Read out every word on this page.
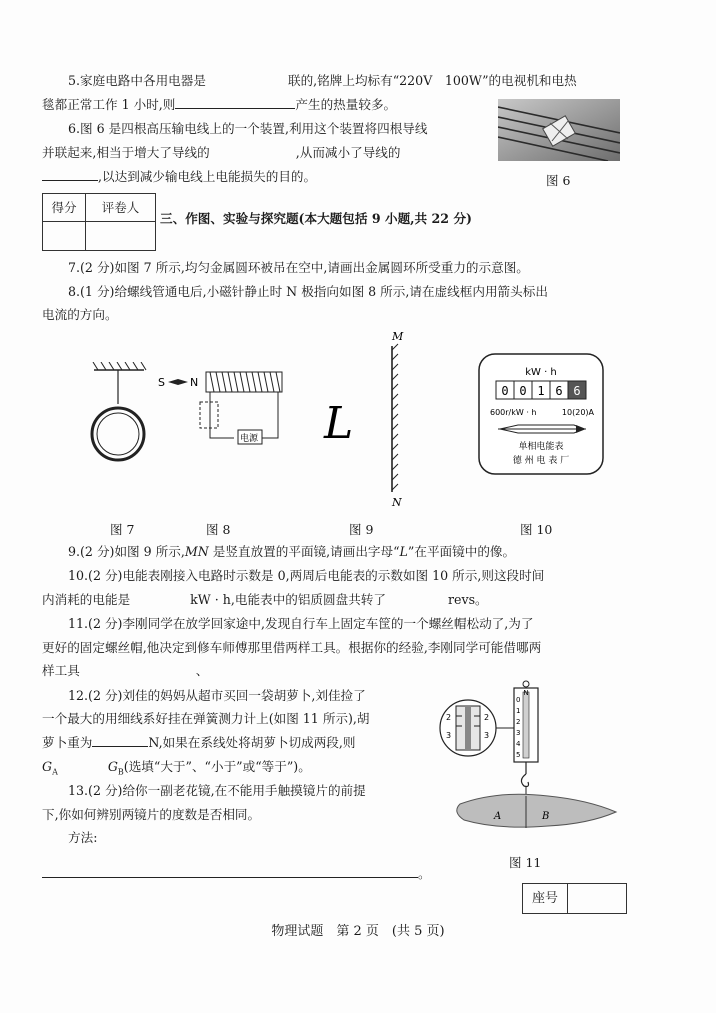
5.家庭电路中各用电器是	联的,铭牌上均标有“220V　100W”的电视机和电热
毯都正常工作 1 小时,则	产生的热量较多。
6.图 6 是四根高压输电线上的一个装置,利用这个装置将四根导线
并联起来,相当于增大了导线的	,从而减小了导线的
,以达到减少输电线上电能损失的目的。	图 6
得分	评卷人
三、作图、实验与探究题(本大题包括 9 小题,共 22 分)
7.(2 分)如图 7 所示,均匀金属圆环被吊在空中,请画出金属圆环所受重力的示意图。
8.(1 分)给螺线管通电后,小磁针静止时 N 极指向如图 8 所示,请在虚线框内用箭头标出
电流的方向。
S N
电源
M
N
L
kW · h
0 0 1 6 6
600r/kW · h	10(20)A
单相电能表
德 州 电 表 厂
图 7	图 8	图 9	图 10
9.(2 分)如图 9 所示,MN 是竖直放置的平面镜,请画出字母“L”在平面镜中的像。
10.(2 分)电能表刚接入电路时示数是 0,两周后电能表的示数如图 10 所示,则这段时间
内消耗的电能是	kW · h,电能表中的铝质圆盘共转了	revs。
11.(2 分)李刚同学在放学回家途中,发现自行车上固定车筐的一个螺丝帽松动了,为了
更好的固定螺丝帽,他决定到修车师傅那里借两样工具。根据你的经验,李刚同学可能借哪两
样工具	、
12.(2 分)刘佳的妈妈从超市买回一袋胡萝卜,刘佳捡了
一个最大的用细线系好挂在弹簧测力计上(如图 11 所示),胡
萝卜重为	N,如果在系线处将胡萝卜切成两段,则
$G_A$	$G_B$(选填“大于”、“小于”或“等于”)。
13.(2 分)给你一副老花镜,在不能用手触摸镜片的前提
下,你如何辨别两镜片的度数是否相同。
方法:
。
2
3
2
3
N
0
1
2
3
4
5
A	B
图 11
座号
物理试题　第 2 页　(共 5 页)
